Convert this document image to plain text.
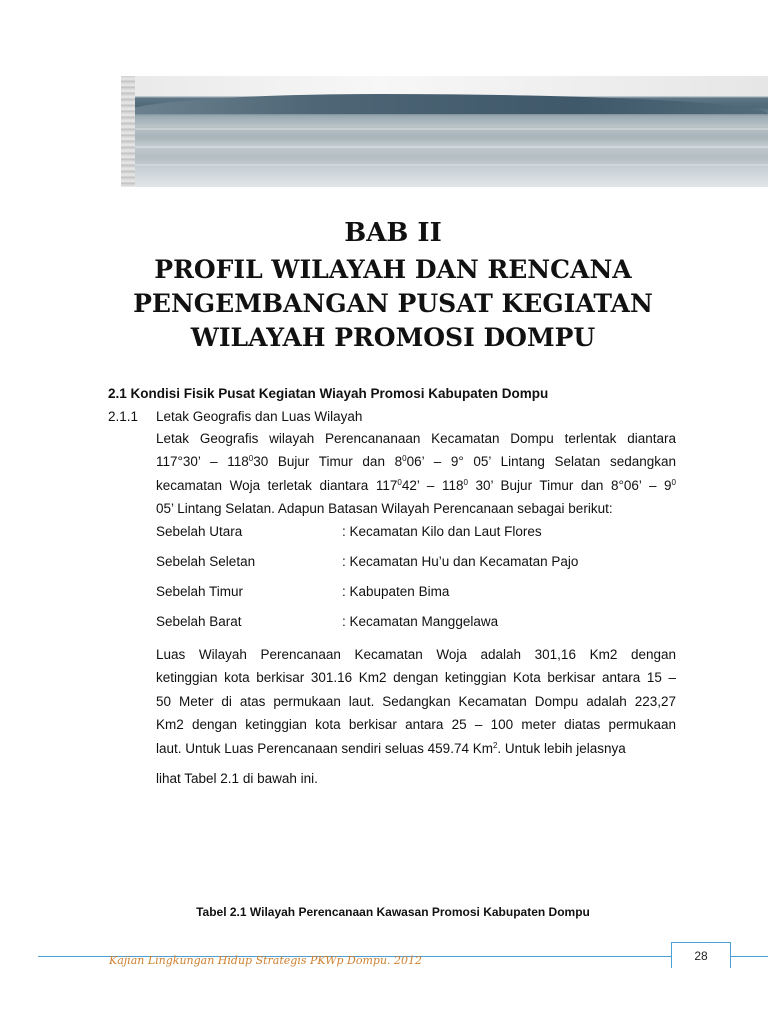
BAB II
PROFIL WILAYAH DAN RENCANA
PENGEMBANGAN PUSAT KEGIATAN
WILAYAH PROMOSI DOMPU
2.1 Kondisi Fisik Pusat Kegiatan Wiayah Promosi Kabupaten Dompu
2.1.1 Letak Geografis dan Luas Wilayah
Letak Geografis wilayah Perencananaan Kecamatan Dompu terlentak diantara
117°30’ – $118^030$ Bujur Timur dan $8^006$’ – 9° 05’ Lintang Selatan sedangkan
kecamatan Woja terletak diantara $117^042$’ – $118^0$ 30’ Bujur Timur dan 8°06’ – $9^0$
05’ Lintang Selatan. Adapun Batasan Wilayah Perencanaan sebagai berikut:
Sebelah Utara	: Kecamatan Kilo dan Laut Flores
Sebelah Seletan	: Kecamatan Hu’u dan Kecamatan Pajo
Sebelah Timur	: Kabupaten Bima
Sebelah Barat	: Kecamatan Manggelawa
Luas Wilayah Perencanaan Kecamatan Woja adalah 301,16 Km2 dengan
ketinggian kota berkisar 301.16 Km2 dengan ketinggian Kota berkisar antara 15 –
50 Meter di atas permukaan laut. Sedangkan Kecamatan Dompu adalah 223,27
Km2 dengan ketinggian kota berkisar antara 25 – 100 meter diatas permukaan
laut. Untuk Luas Perencanaan sendiri seluas 459.74 Km$^2$. Untuk lebih jelasnya
lihat Tabel 2.1 di bawah ini.
Tabel 2.1 Wilayah Perencanaan Kawasan Promosi Kabupaten Dompu
28
Kajian Lingkungan Hidup Strategis PKWp Dompu. 2012
